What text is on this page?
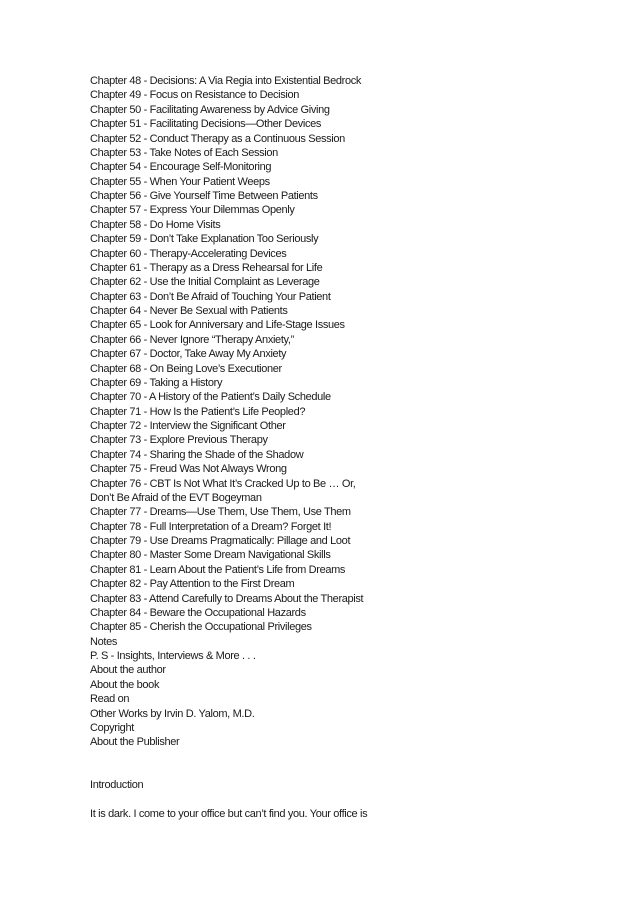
Chapter 48 - Decisions: A Via Regia into Existential Bedrock
Chapter 49 - Focus on Resistance to Decision
Chapter 50 - Facilitating Awareness by Advice Giving
Chapter 51 - Facilitating Decisions—Other Devices
Chapter 52 - Conduct Therapy as a Continuous Session
Chapter 53 - Take Notes of Each Session
Chapter 54 - Encourage Self-Monitoring
Chapter 55 - When Your Patient Weeps
Chapter 56 - Give Yourself Time Between Patients
Chapter 57 - Express Your Dilemmas Openly
Chapter 58 - Do Home Visits
Chapter 59 - Don’t Take Explanation Too Seriously
Chapter 60 - Therapy-Accelerating Devices
Chapter 61 - Therapy as a Dress Rehearsal for Life
Chapter 62 - Use the Initial Complaint as Leverage
Chapter 63 - Don’t Be Afraid of Touching Your Patient
Chapter 64 - Never Be Sexual with Patients
Chapter 65 - Look for Anniversary and Life-Stage Issues
Chapter 66 - Never Ignore “Therapy Anxiety,”
Chapter 67 - Doctor, Take Away My Anxiety
Chapter 68 - On Being Love’s Executioner
Chapter 69 - Taking a History
Chapter 70 - A History of the Patient’s Daily Schedule
Chapter 71 - How Is the Patient’s Life Peopled?
Chapter 72 - Interview the Significant Other
Chapter 73 - Explore Previous Therapy
Chapter 74 - Sharing the Shade of the Shadow
Chapter 75 - Freud Was Not Always Wrong
Chapter 76 - CBT Is Not What It’s Cracked Up to Be … Or,
Don’t Be Afraid of the EVT Bogeyman
Chapter 77 - Dreams—Use Them, Use Them, Use Them
Chapter 78 - Full Interpretation of a Dream? Forget It!
Chapter 79 - Use Dreams Pragmatically: Pillage and Loot
Chapter 80 - Master Some Dream Navigational Skills
Chapter 81 - Learn About the Patient’s Life from Dreams
Chapter 82 - Pay Attention to the First Dream
Chapter 83 - Attend Carefully to Dreams About the Therapist
Chapter 84 - Beware the Occupational Hazards
Chapter 85 - Cherish the Occupational Privileges
Notes
P. S - Insights, Interviews & More . . .
About the author
About the book
Read on
Other Works by Irvin D. Yalom, M.D.
Copyright
About the Publisher
Introduction
It is dark. I come to your office but can’t find you. Your office is
